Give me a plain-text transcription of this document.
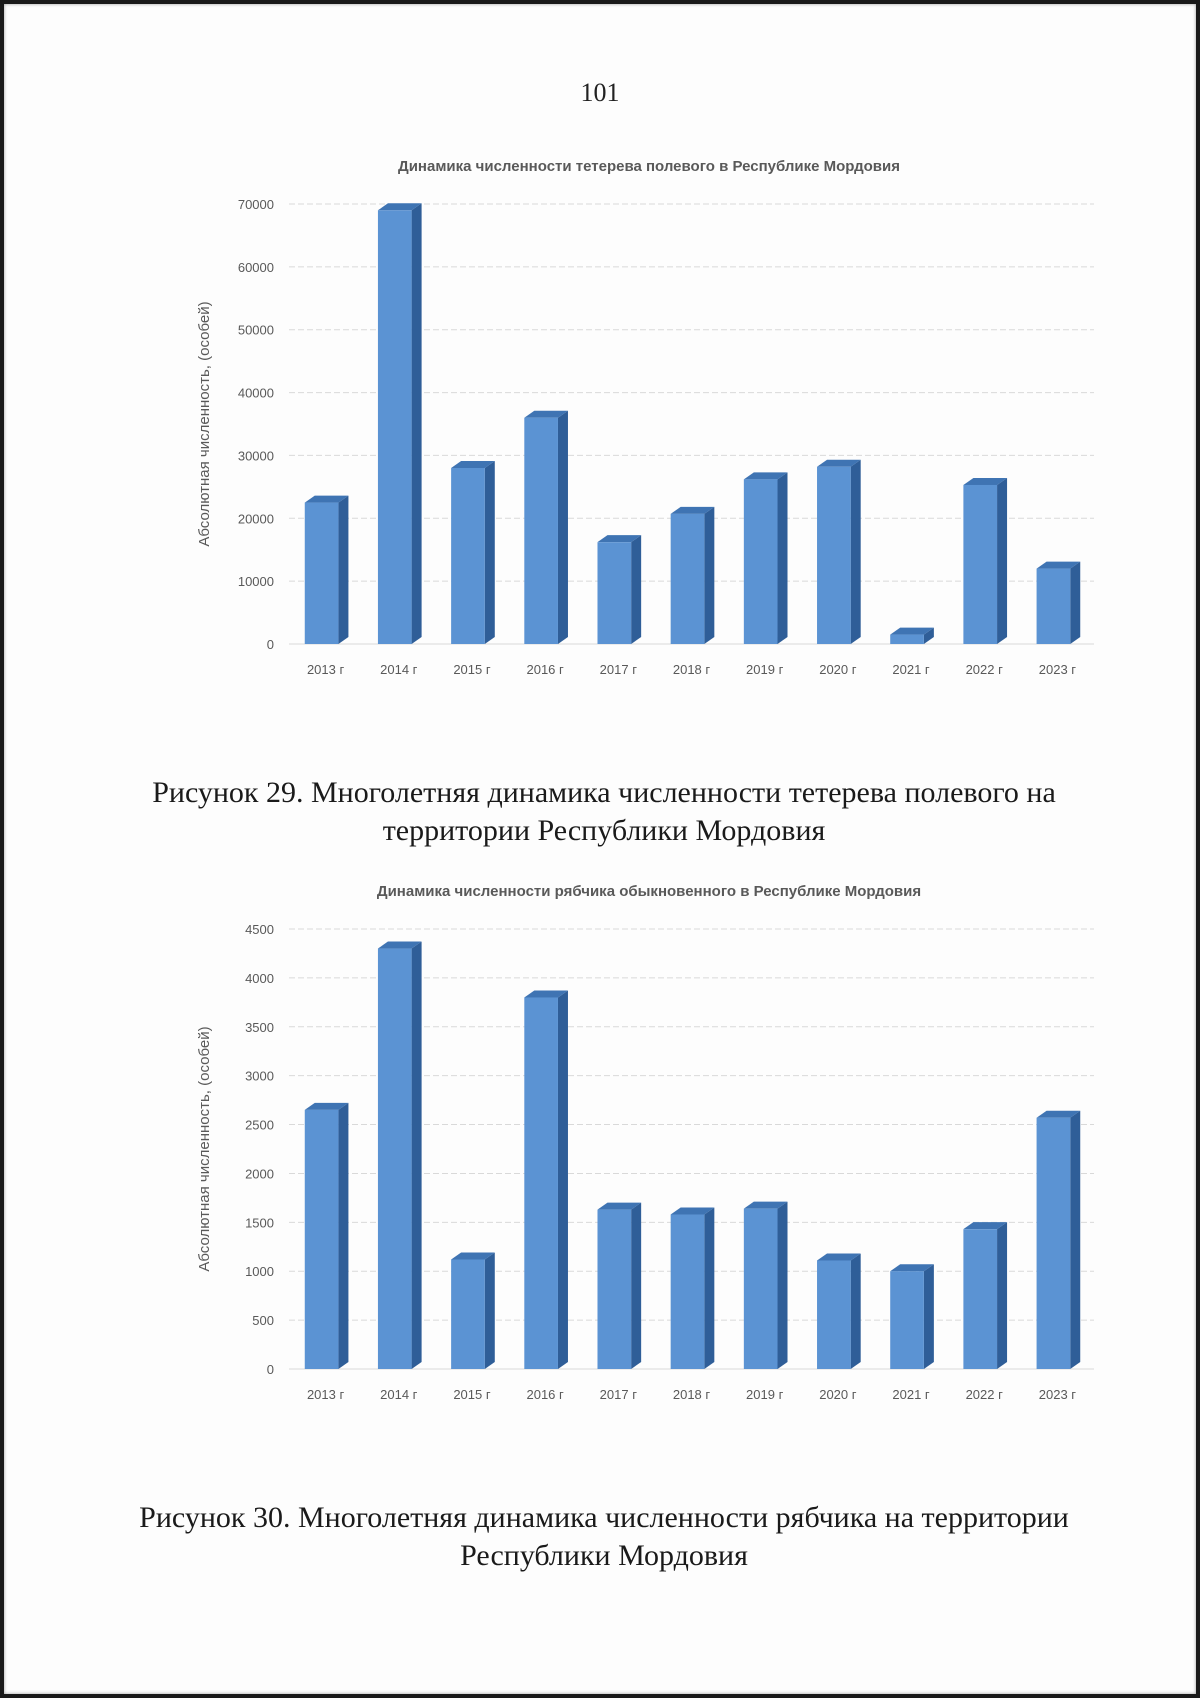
101
Динамика численности тетерева полевого в Республике Мордовия
0
10000
20000
30000
40000
50000
60000
70000
Абсолютная численность, (особей)
2013 г	2014 г	2015 г	2016 г	2017 г	2018 г	2019 г	2020 г	2021 г	2022 г	2023 г
Рисунок 29. Многолетняя динамика численности тетерева полевого на территории Республики Мордовия
Динамика численности рябчика обыкновенного в Республике Мордовия
0
500
1000
1500
2000
2500
3000
3500
4000
4500
Абсолютная численность, (особей)
2013 г	2014 г	2015 г	2016 г	2017 г	2018 г	2019 г	2020 г	2021 г	2022 г	2023 г
Рисунок 30. Многолетняя динамика численности рябчика на территории Республики Мордовия
